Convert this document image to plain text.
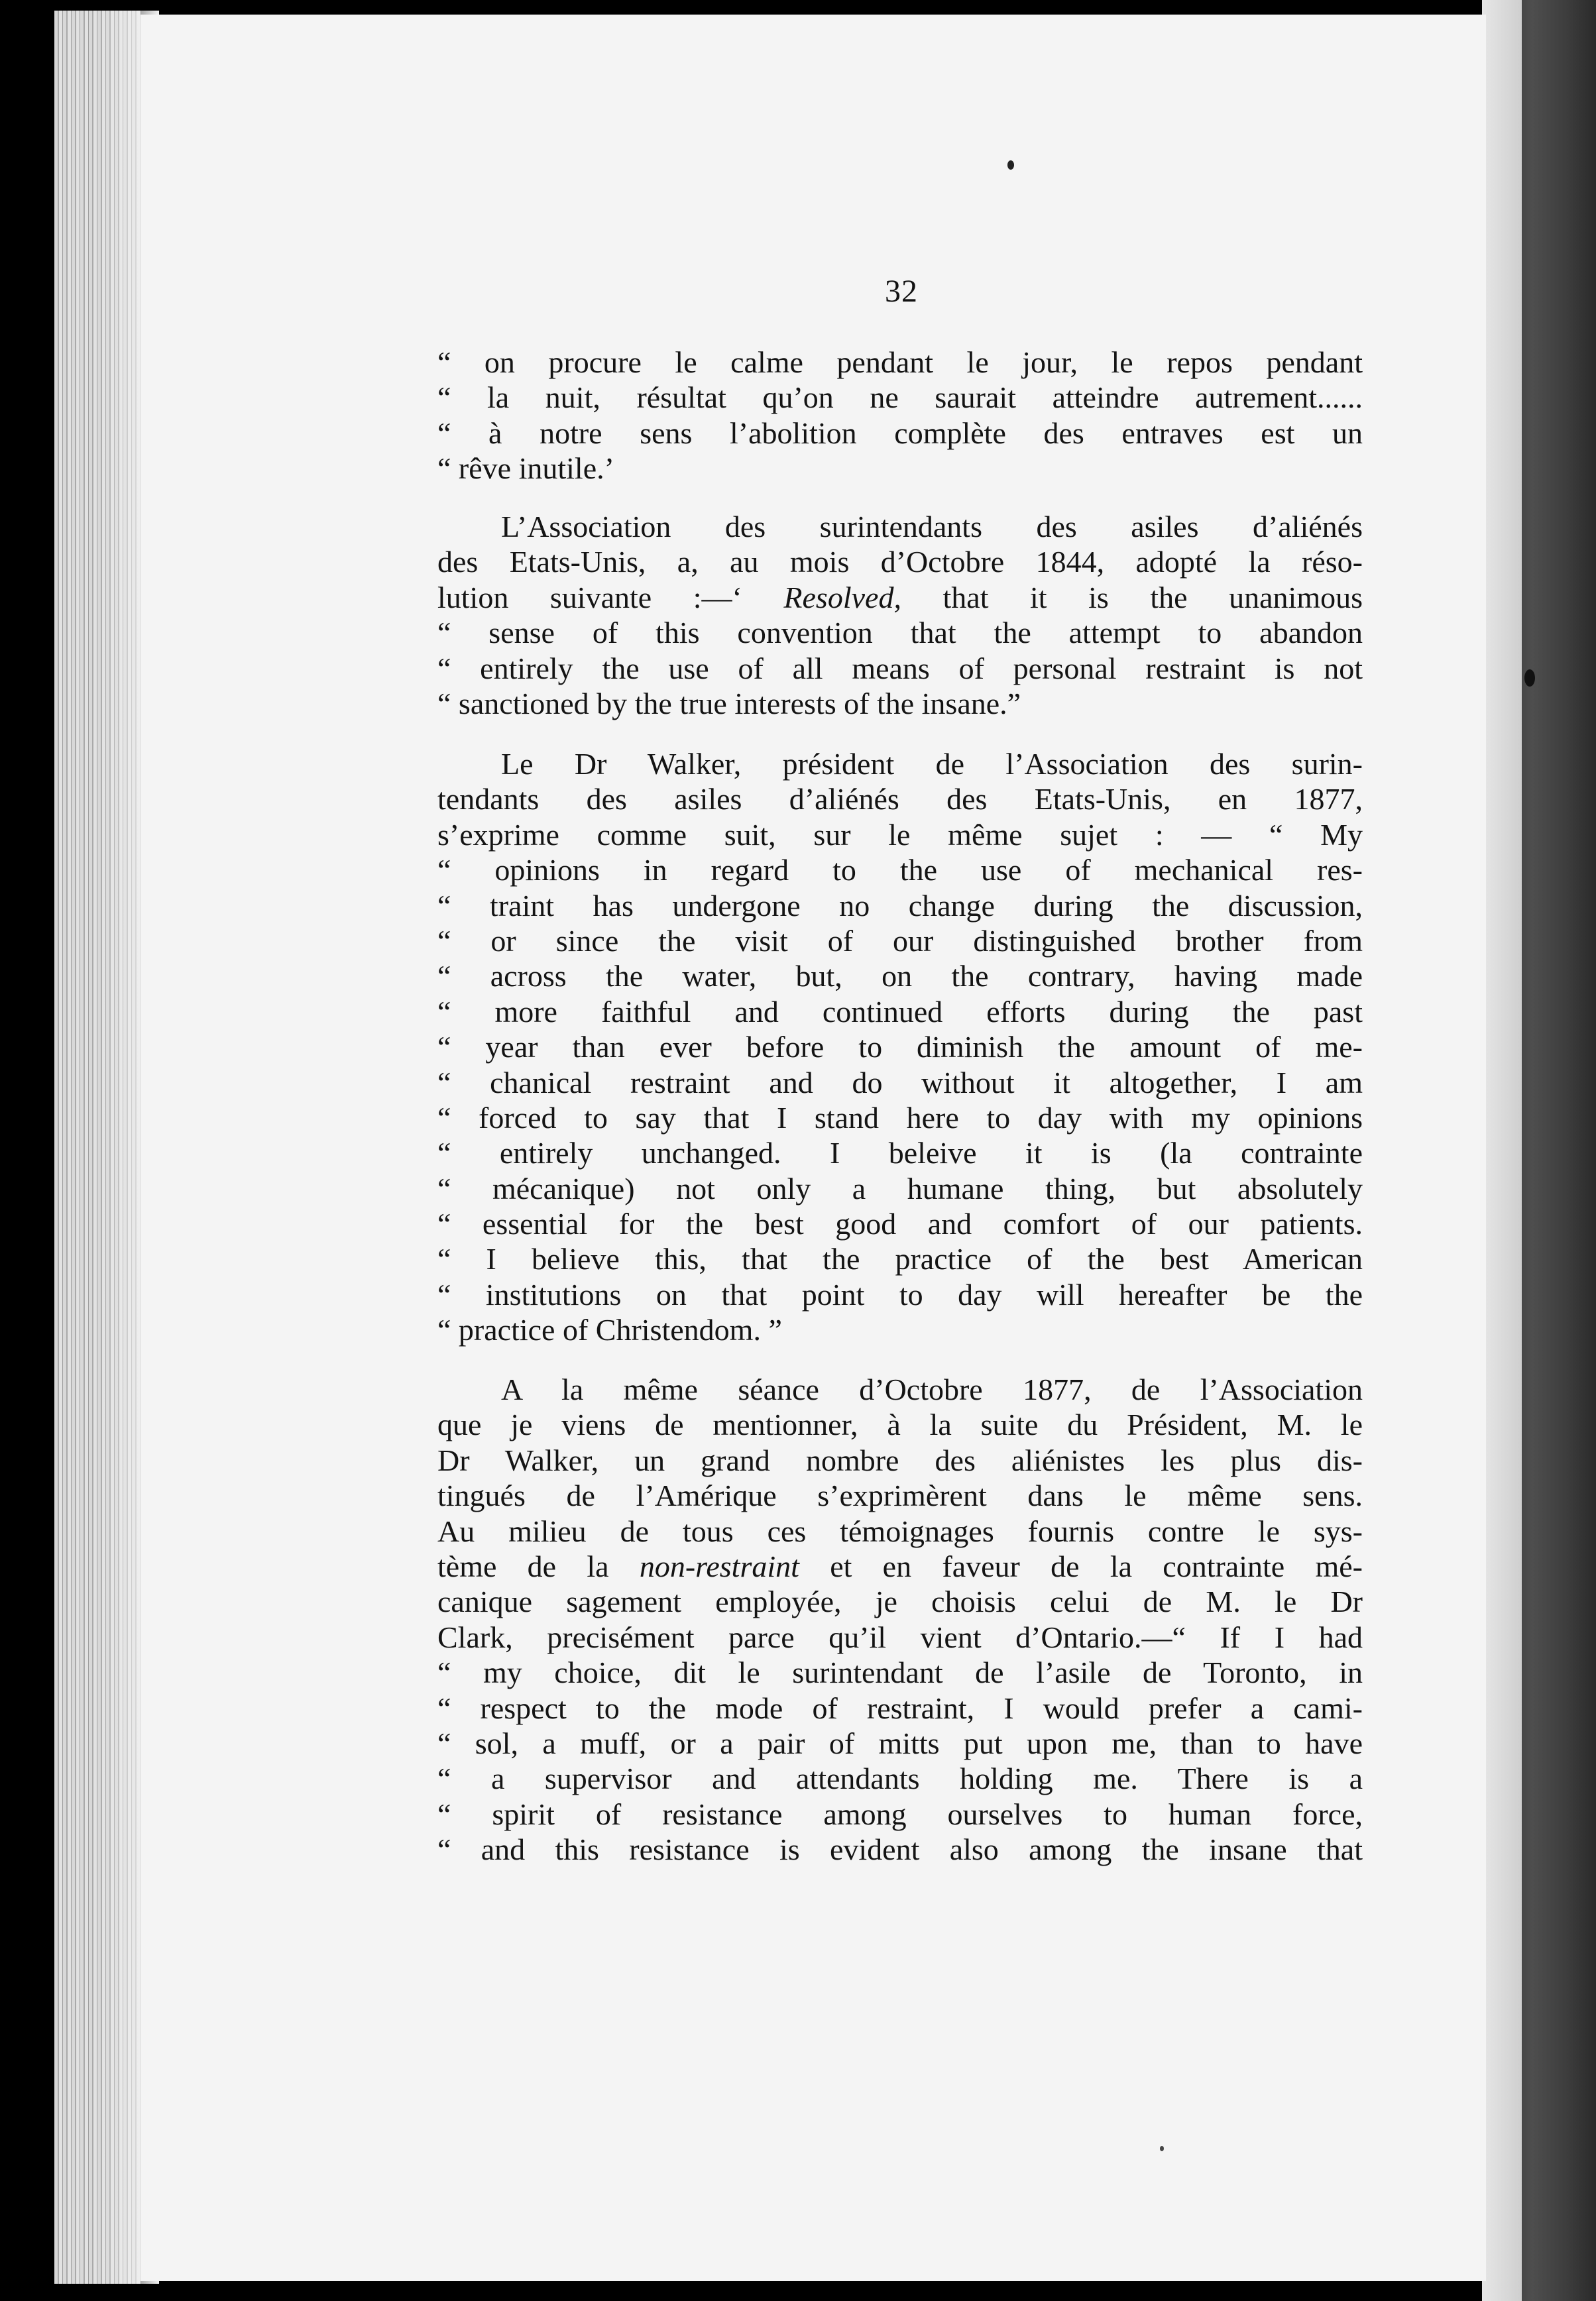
32
“ on procure le calme pendant le jour, le repos pendant
“ la nuit, résultat qu’on ne saurait atteindre autrement......
“ à notre sens l’abolition complète des entraves est un
“ rêve inutile.’
L’Association des surintendants des asiles d’aliénés
des Etats-Unis, a, au mois d’Octobre 1844, adopté la réso-
lution suivante :—‘ Resolved, that it is the unanimous
“ sense of this convention that the attempt to abandon
“ entirely the use of all means of personal restraint is not
“ sanctioned by the true interests of the insane.”
Le Dr Walker, président de l’Association des surin-
tendants des asiles d’aliénés des Etats-Unis, en 1877,
s’exprime comme suit, sur le même sujet : — “ My
“ opinions in regard to the use of mechanical res-
“ traint has undergone no change during the discussion,
“ or since the visit of our distinguished brother from
“ across the water, but, on the contrary, having made
“ more faithful and continued efforts during the past
“ year than ever before to diminish the amount of me-
“ chanical restraint and do without it altogether, I am
“ forced to say that I stand here to day with my opinions
“ entirely unchanged. I beleive it is (la contrainte
“ mécanique) not only a humane thing, but absolutely
“ essential for the best good and comfort of our patients.
“ I believe this, that the practice of the best American
“ institutions on that point to day will hereafter be the
“ practice of Christendom. ”
A la même séance d’Octobre 1877, de l’Association
que je viens de mentionner, à la suite du Président, M. le
Dr Walker, un grand nombre des aliénistes les plus dis-
tingués de l’Amérique s’exprimèrent dans le même sens.
Au milieu de tous ces témoignages fournis contre le sys-
tème de la non-restraint et en faveur de la contrainte mé-
canique sagement employée, je choisis celui de M. le Dr
Clark, precisément parce qu’il vient d’Ontario.—“ If I had
“ my choice, dit le surintendant de l’asile de Toronto, in
“ respect to the mode of restraint, I would prefer a cami-
“ sol, a muff, or a pair of mitts put upon me, than to have
“ a supervisor and attendants holding me. There is a
“ spirit of resistance among ourselves to human force,
“ and this resistance is evident also among the insane that
